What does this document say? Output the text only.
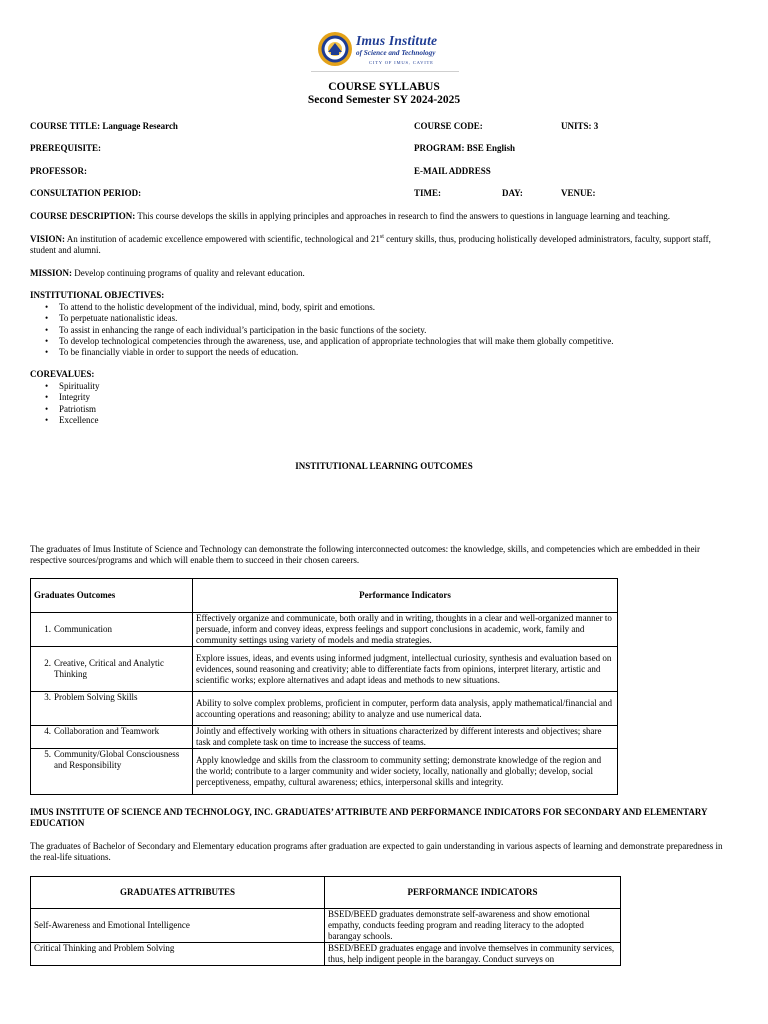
Imus Institute
of Science and Technology
CITY OF IMUS, CAVITE
COURSE SYLLABUS
Second Semester SY 2024-2025
COURSE TITLE: Language Research	COURSE CODE:	UNITS: 3
PREREQUISITE:	PROGRAM: BSE English
PROFESSOR:	E-MAIL ADDRESS
CONSULTATION PERIOD:	TIME:	DAY:	VENUE:
COURSE DESCRIPTION: This course develops the skills in applying principles and approaches in research to find the answers to questions in language learning and teaching.
VISION: An institution of academic excellence empowered with scientific, technological and 21st century skills, thus, producing holistically developed administrators, faculty, support staff, student and alumni.
MISSION: Develop continuing programs of quality and relevant education.
INSTITUTIONAL OBJECTIVES:
• To attend to the holistic development of the individual, mind, body, spirit and emotions.
• To perpetuate nationalistic ideas.
• To assist in enhancing the range of each individual’s participation in the basic functions of the society.
• To develop technological competencies through the awareness, use, and application of appropriate technologies that will make them globally competitive.
• To be financially viable in order to support the needs of education.
COREVALUES:
• Spirituality
• Integrity
• Patriotism
• Excellence
INSTITUTIONAL LEARNING OUTCOMES
The graduates of Imus Institute of Science and Technology can demonstrate the following interconnected outcomes: the knowledge, skills, and competencies which are embedded in their respective sources/programs and which will enable them to succeed in their chosen careers.
Graduates Outcomes	Performance Indicators
1. Communication	Effectively organize and communicate, both orally and in writing, thoughts in a clear and well-organized manner to persuade, inform and convey ideas, express feelings and support conclusions in academic, work, family and community settings using variety of models and media strategies.

2. Creative, Critical and Analytic Thinking	Explore issues, ideas, and events using informed judgment, intellectual curiosity, synthesis and evaluation based on evidences, sound reasoning and creativity; able to differentiate facts from opinions, interpret literary, artistic and scientific works; explore alternatives and adapt ideas and methods to new situations.
3. Problem Solving Skills	Ability to solve complex problems, proficient in computer, perform data analysis, apply mathematical/financial and accounting operations and reasoning; ability to analyze and use numerical data.
4. Collaboration and Teamwork	Jointly and effectively working with others in situations characterized by different interests and objectives; share task and complete task on time to increase the success of teams.

5. Community/Global Consciousness and Responsibility	Apply knowledge and skills from the classroom to community setting; demonstrate knowledge of the region and the world; contribute to a larger community and wider society, locally, nationally and globally; develop, social perceptiveness, empathy, cultural awareness; ethics, interpersonal skills and integrity.
IMUS INSTITUTE OF SCIENCE AND TECHNOLOGY, INC. GRADUATES’ ATTRIBUTE AND PERFORMANCE INDICATORS FOR SECONDARY AND ELEMENTARY EDUCATION
The graduates of Bachelor of Secondary and Elementary education programs after graduation are expected to gain understanding in various aspects of learning and demonstrate preparedness in the real-life situations.
GRADUATES ATTRIBUTES	PERFORMANCE INDICATORS
Self-Awareness and Emotional Intelligence	BSED/BEED graduates demonstrate self-awareness and show emotional empathy, conducts feeding program and reading literacy to the adopted barangay schools.
Critical Thinking and Problem Solving	BSED/BEED graduates engage and involve themselves in community services, thus, help indigent people in the barangay. Conduct surveys on
